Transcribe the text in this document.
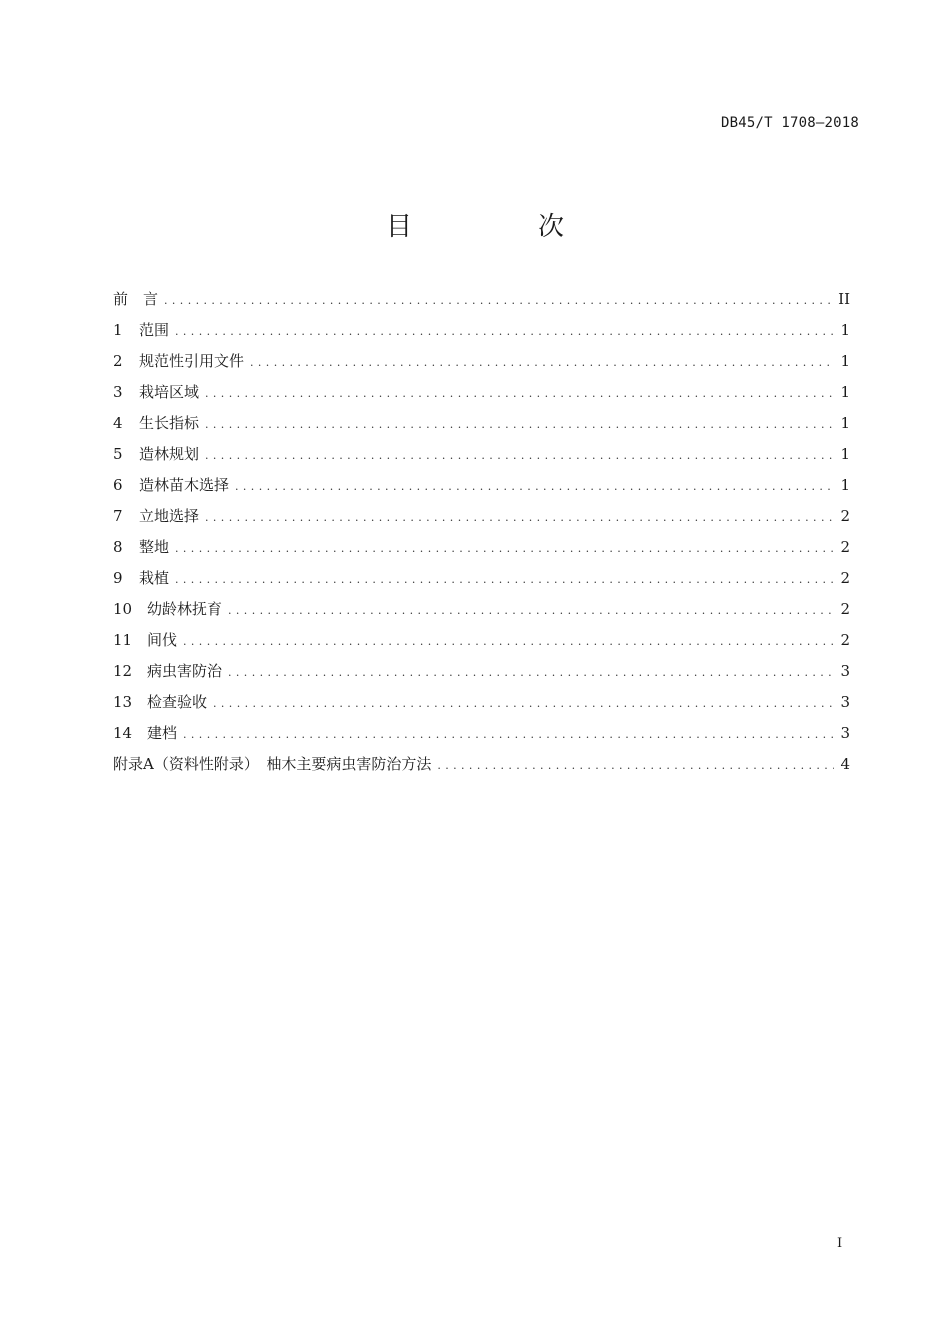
DB45/T 1708—2018
目　次
前　言 .....	II
1	范围 .....	1
2	规范性引用文件 .....	1
3	栽培区域 .....	1
4	生长指标 .....	1
5	造林规划 .....	1
6	造林苗木选择 .....	1
7	立地选择 .....	2
8	整地 .....	2
9	栽植 .....	2
10 幼龄林抚育 .....	2
11 间伐 .....	2
12 病虫害防治 .....	3
13 检查验收 .....	3
14 建档 .....	3
附录A（资料性附录）　柚木主要病虫害防治方法 .....	4
I
